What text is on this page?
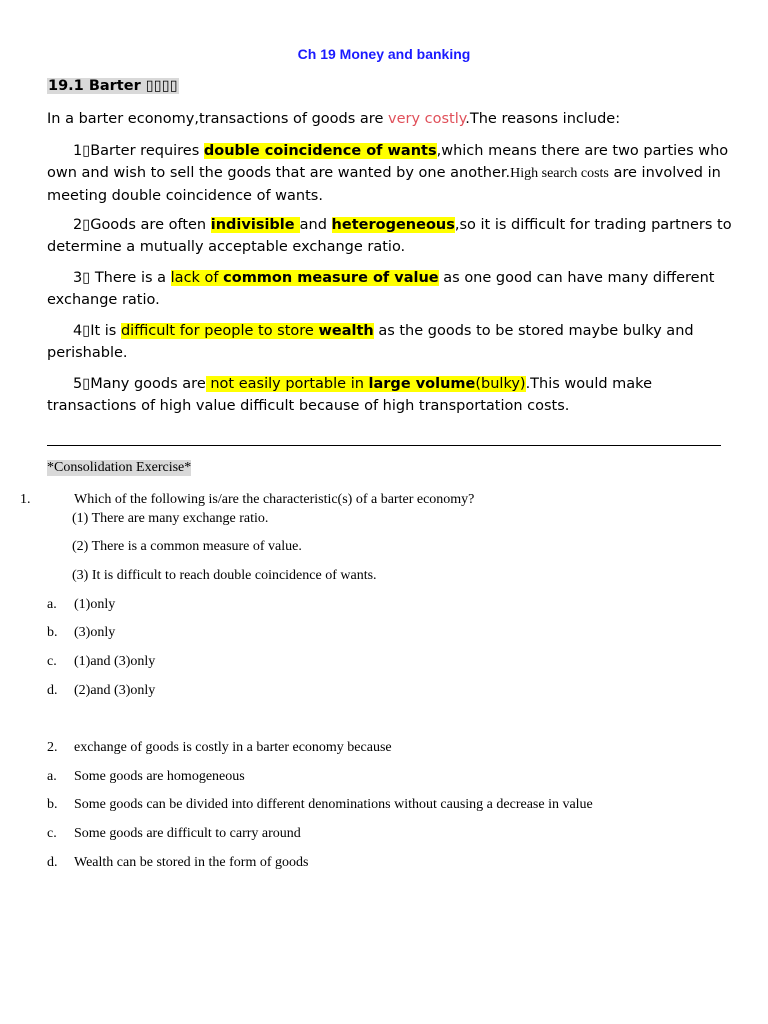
Ch 19 Money and banking
19.1 Barter ▯▯▯▯
In a barter economy,transactions of goods are very costly.The reasons include:
1▯Barter requires double coincidence of wants,which means there are two parties who own and wish to sell the goods that are wanted by one another.High search costs are involved in meeting double coincidence of wants.
2▯Goods are often indivisible and heterogeneous,so it is difficult for trading partners to determine a mutually acceptable exchange ratio.
3▯ There is a lack of common measure of value as one good can have many different exchange ratio.
4▯It is difficult for people to store wealth as the goods to be stored maybe bulky and perishable.
5▯Many goods are not easily portable in large volume(bulky).This would make transactions of high value difficult because of high transportation costs.
*Consolidation Exercise*
1.	Which of the following is/are the characteristic(s) of a barter economy?
(1) There are many exchange ratio.
(2) There is a common measure of value.
(3) It is difficult to reach double coincidence of wants.
a. (1)only
b. (3)only
c. (1)and (3)only
d. (2)and (3)only
2. exchange of goods is costly in a barter economy because
a. Some goods are homogeneous
b. Some goods can be divided into different denominations without causing a decrease in value
c. Some goods are difficult to carry around
d. Wealth can be stored in the form of goods
